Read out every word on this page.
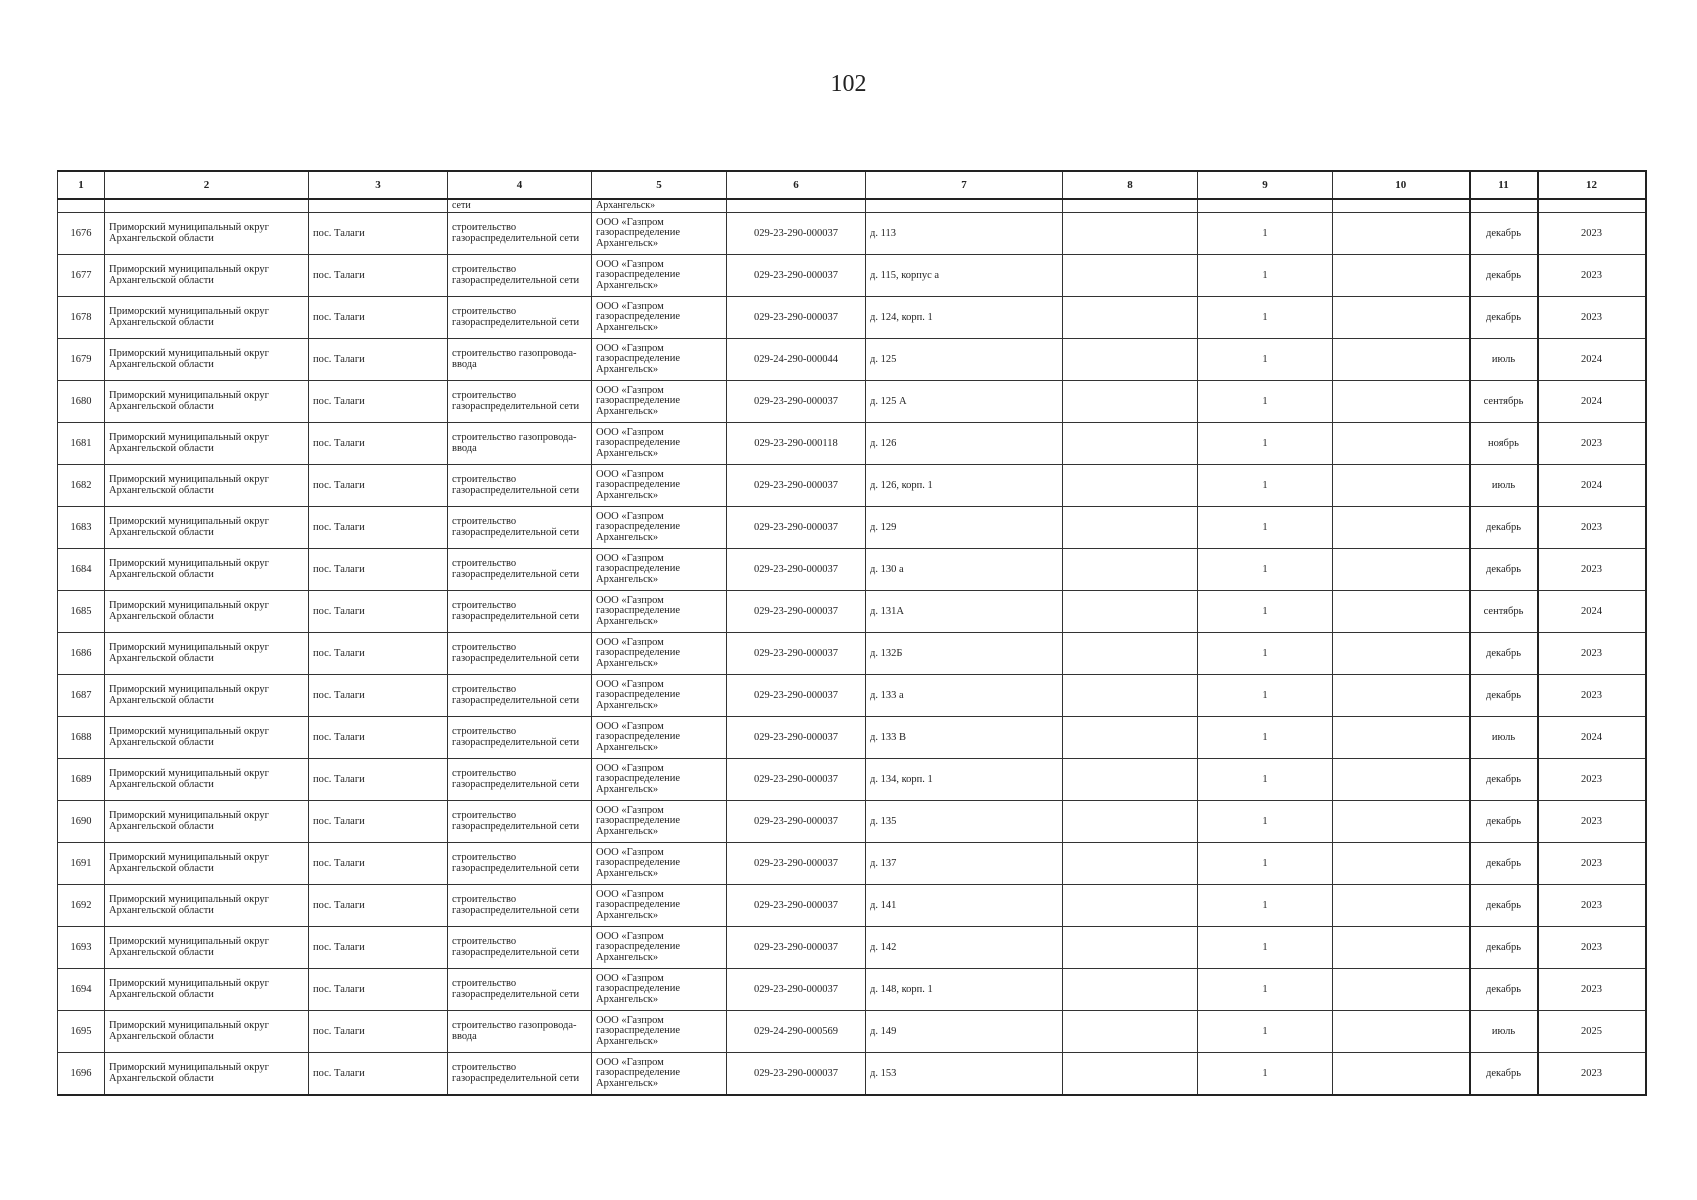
102
1	2	3	4	5	6	7	8	9	10	11	12
			сети	Архангельск»							
1676	Приморский муниципальный округ Архангельской области	пос. Талаги	строительство газораспределительной сети	ООО «Газпром газораспределение Архангельск»	029-23-290-000037	д. 113		1		декабрь	2023
1677	Приморский муниципальный округ Архангельской области	пос. Талаги	строительство газораспределительной сети	ООО «Газпром газораспределение Архангельск»	029-23-290-000037	д. 115, корпус а		1		декабрь	2023
1678	Приморский муниципальный округ Архангельской области	пос. Талаги	строительство газораспределительной сети	ООО «Газпром газораспределение Архангельск»	029-23-290-000037	д. 124, корп. 1		1		декабрь	2023
1679	Приморский муниципальный округ Архангельской области	пос. Талаги	строительство газопровода-ввода	ООО «Газпром газораспределение Архангельск»	029-24-290-000044	д. 125		1		июль	2024
1680	Приморский муниципальный округ Архангельской области	пос. Талаги	строительство газораспределительной сети	ООО «Газпром газораспределение Архангельск»	029-23-290-000037	д. 125 А		1		сентябрь	2024
1681	Приморский муниципальный округ Архангельской области	пос. Талаги	строительство газопровода-ввода	ООО «Газпром газораспределение Архангельск»	029-23-290-000118	д. 126		1		ноябрь	2023
1682	Приморский муниципальный округ Архангельской области	пос. Талаги	строительство газораспределительной сети	ООО «Газпром газораспределение Архангельск»	029-23-290-000037	д. 126, корп. 1		1		июль	2024
1683	Приморский муниципальный округ Архангельской области	пос. Талаги	строительство газораспределительной сети	ООО «Газпром газораспределение Архангельск»	029-23-290-000037	д. 129		1		декабрь	2023
1684	Приморский муниципальный округ Архангельской области	пос. Талаги	строительство газораспределительной сети	ООО «Газпром газораспределение Архангельск»	029-23-290-000037	д. 130 а		1		декабрь	2023
1685	Приморский муниципальный округ Архангельской области	пос. Талаги	строительство газораспределительной сети	ООО «Газпром газораспределение Архангельск»	029-23-290-000037	д. 131А		1		сентябрь	2024
1686	Приморский муниципальный округ Архангельской области	пос. Талаги	строительство газораспределительной сети	ООО «Газпром газораспределение Архангельск»	029-23-290-000037	д. 132Б		1		декабрь	2023
1687	Приморский муниципальный округ Архангельской области	пос. Талаги	строительство газораспределительной сети	ООО «Газпром газораспределение Архангельск»	029-23-290-000037	д. 133 а		1		декабрь	2023
1688	Приморский муниципальный округ Архангельской области	пос. Талаги	строительство газораспределительной сети	ООО «Газпром газораспределение Архангельск»	029-23-290-000037	д. 133 В		1		июль	2024
1689	Приморский муниципальный округ Архангельской области	пос. Талаги	строительство газораспределительной сети	ООО «Газпром газораспределение Архангельск»	029-23-290-000037	д. 134, корп. 1		1		декабрь	2023
1690	Приморский муниципальный округ Архангельской области	пос. Талаги	строительство газораспределительной сети	ООО «Газпром газораспределение Архангельск»	029-23-290-000037	д. 135		1		декабрь	2023
1691	Приморский муниципальный округ Архангельской области	пос. Талаги	строительство газораспределительной сети	ООО «Газпром газораспределение Архангельск»	029-23-290-000037	д. 137		1		декабрь	2023
1692	Приморский муниципальный округ Архангельской области	пос. Талаги	строительство газораспределительной сети	ООО «Газпром газораспределение Архангельск»	029-23-290-000037	д. 141		1		декабрь	2023
1693	Приморский муниципальный округ Архангельской области	пос. Талаги	строительство газораспределительной сети	ООО «Газпром газораспределение Архангельск»	029-23-290-000037	д. 142		1		декабрь	2023
1694	Приморский муниципальный округ Архангельской области	пос. Талаги	строительство газораспределительной сети	ООО «Газпром газораспределение Архангельск»	029-23-290-000037	д. 148, корп. 1		1		декабрь	2023
1695	Приморский муниципальный округ Архангельской области	пос. Талаги	строительство газопровода-ввода	ООО «Газпром газораспределение Архангельск»	029-24-290-000569	д. 149		1		июль	2025
1696	Приморский муниципальный округ Архангельской области	пос. Талаги	строительство газораспределительной сети	ООО «Газпром газораспределение Архангельск»	029-23-290-000037	д. 153		1		декабрь	2023
